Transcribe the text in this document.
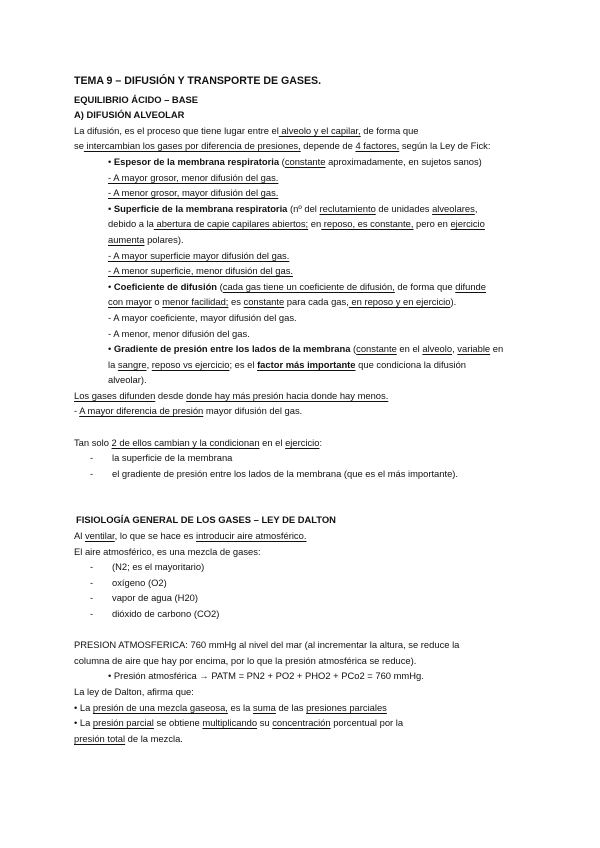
TEMA 9 – DIFUSIÓN Y TRANSPORTE DE GASES.
EQUILIBRIO ÁCIDO – BASE
A) DIFUSIÓN ALVEOLAR
La difusión, es el proceso que tiene lugar entre el alveolo y el capilar, de forma que
se intercambian los gases por diferencia de presiones, depende de 4 factores, según la Ley de Fick:
• Espesor de la membrana respiratoria (constante aproximadamente, en sujetos sanos)
- A mayor grosor, menor difusión del gas.
- A menor grosor, mayor difusión del gas.
• Superficie de la membrana respiratoria (nº del reclutamiento de unidades alveolares,
debido a la abertura de capie capilares abiertos; en reposo, es constante, pero en ejercicio
aumenta polares).
- A mayor superficie mayor difusión del gas.
- A menor superficie, menor difusión del gas.
• Coeficiente de difusión (cada gas tiene un coeficiente de difusión, de forma que difunde
con mayor o menor facilidad; es constante para cada gas, en reposo y en ejercicio).
- A mayor coeficiente, mayor difusión del gas.
- A menor, menor difusión del gas.
• Gradiente de presión entre los lados de la membrana (constante en el alveolo, variable en
la sangre, reposo vs ejercicio; es el factor más importante que condiciona la difusión
alveolar).
Los gases difunden desde donde hay más presión hacia donde hay menos.
- A mayor diferencia de presión mayor difusión del gas.
Tan solo 2 de ellos cambian y la condicionan en el ejercicio:
- la superficie de la membrana
- el gradiente de presión entre los lados de la membrana (que es el más importante).
FISIOLOGÍA GENERAL DE LOS GASES – LEY DE DALTON
Al ventilar, lo que se hace es introducir aire atmosférico.
El aire atmosférico, es una mezcla de gases:
- (N2; es el mayoritario)
- oxígeno (O2)
- vapor de agua (H20)
- dióxido de carbono (CO2)
PRESION ATMOSFERICA: 760 mmHg al nivel del mar (al incrementar la altura, se reduce la
columna de aire que hay por encima, por lo que la presión atmosférica se reduce).
• Presión atmosférica → PATM = PN2 + PO2 + PHO2 + PCo2 = 760 mmHg.
La ley de Dalton, afirma que:
• La presión de una mezcla gaseosa, es la suma de las presiones parciales
• La presión parcial se obtiene multiplicando su concentración porcentual por la
presión total de la mezcla.
